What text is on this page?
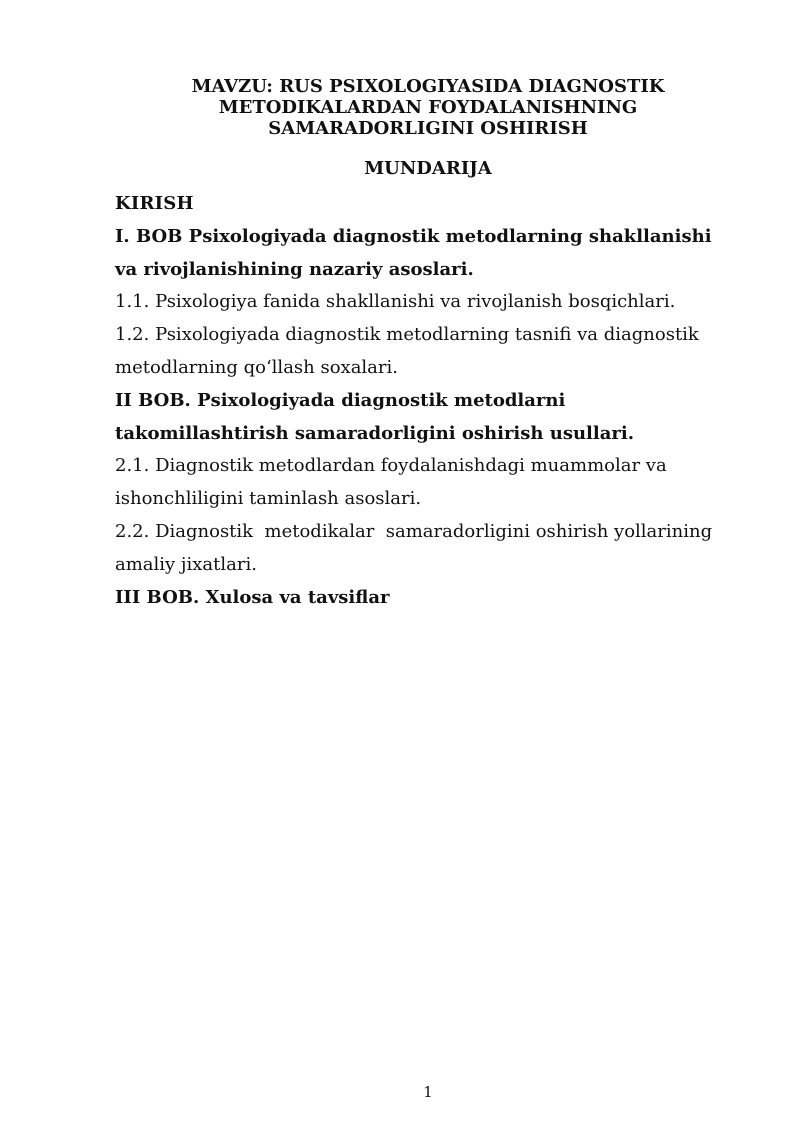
MAVZU: RUS PSIXOLOGIYASIDA DIAGNOSTIK
METODIKALARDAN FOYDALANISHNING
SAMARADORLIGINI OSHIRISH
MUNDARIJA
KIRISH
I. BOB Psixologiyada diagnostik metodlarning shakllanishi
va rivojlanishining nazariy asoslari.
1.1. Psixologiya fanida shakllanishi va rivojlanish bosqichlari.
1.2. Psixologiyada diagnostik metodlarning tasnifi va diagnostik
metodlarning qo‘llash soxalari.
II BOB. Psixologiyada diagnostik metodlarni
takomillashtirish samaradorligini oshirish usullari.
2.1. Diagnostik metodlardan foydalanishdagi muammolar va
ishonchliligini taminlash asoslari.
2.2. Diagnostik  metodikalar  samaradorligini oshirish yollarining
amaliy jixatlari.
III BOB. Xulosa va tavsiflar
1
